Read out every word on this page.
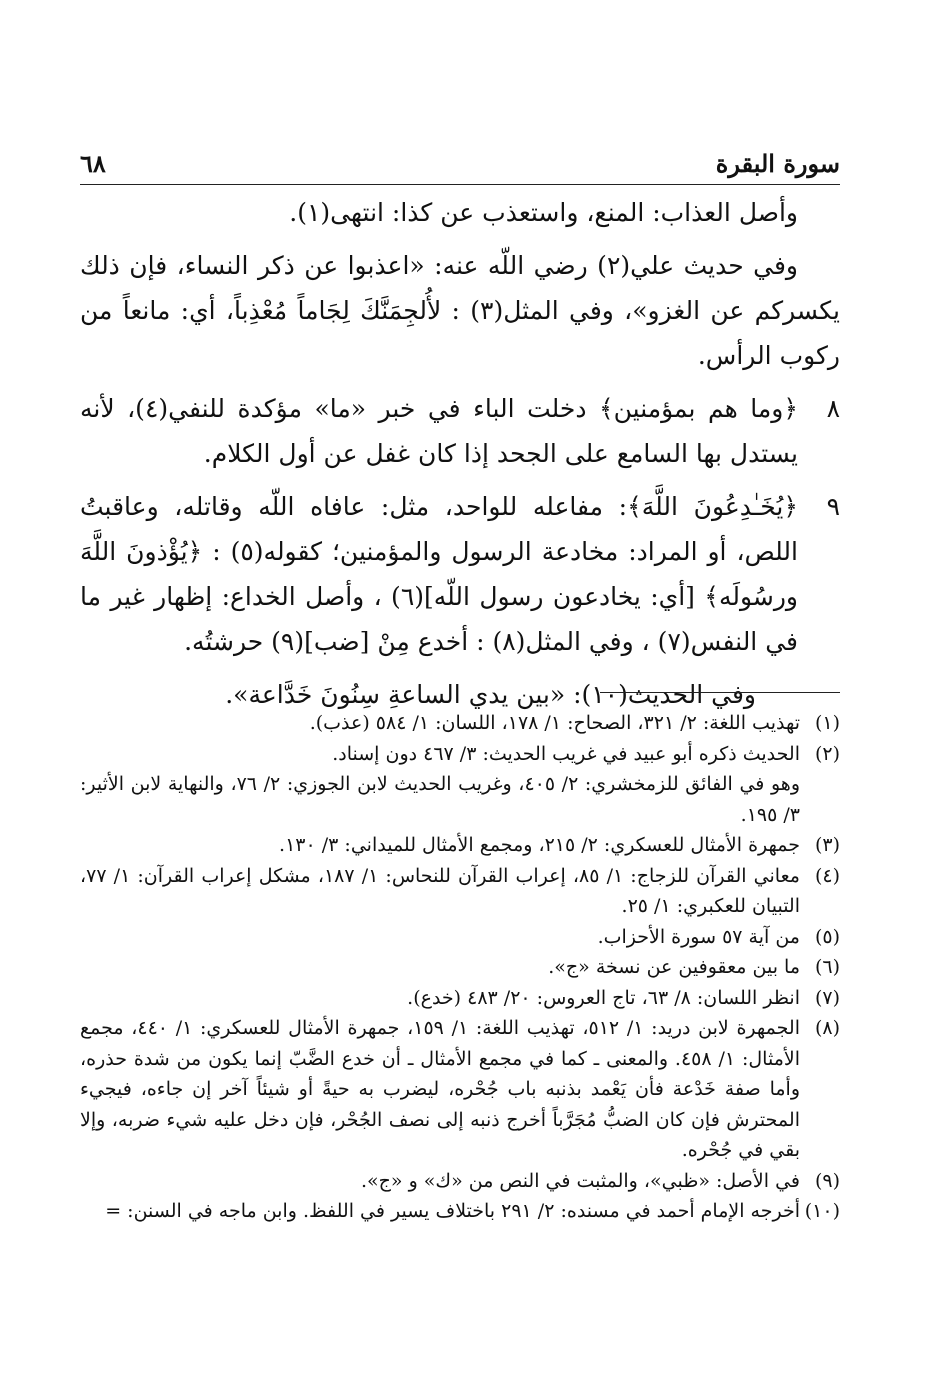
سورة البقرة
٦٨

وأصل العذاب: المنع، واستعذب عن كذا: انتهى(١).

وفي حديث علي(٢) رضي اللّه عنه: «اعذبوا عن ذكر النساء، فإن ذلك يكسركم عن الغزو»، وفي المثل(٣) : لأُلجِمَنَّكَ لِجَاماً مُعْذِباً، أي: مانعاً من ركوب الرأس.

٨
﴿وما هم بمؤمنين﴾ دخلت الباء في خبر «ما» مؤكدة للنفي(٤)، لأنه يستدل بها السامع على الجحد إذا كان غفل عن أول الكلام.
٩
﴿يُخَـٰدِعُونَ اللَّهَ﴾: مفاعله للواحد، مثل: عافاه اللّه وقاتله، وعاقبتُ اللص، أو المراد: مخادعة الرسول والمؤمنين؛ كقوله(٥) : ﴿يُؤْذونَ اللَّهَ ورسُولَه﴾ [أي: يخادعون رسول اللّه](٦) ، وأصل الخداع: إظهار غير ما في النفس(٧) ، وفي المثل(٨) : أخدع مِنْ [ضب](٩) حرشتُه.

وفي الحديث(١٠): «بين يدي الساعةِ سِنُونَ خَدَّاعة».

(١)
تهذيب اللغة: ٢/ ٣٢١، الصحاح: ١/ ١٧٨، اللسان: ١/ ٥٨٤ (عذب).
(٢)
الحديث ذكره أبو عبيد في غريب الحديث: ٣/ ٤٦٧ دون إسناد.
وهو في الفائق للزمخشري: ٢/ ٤٠٥، وغريب الحديث لابن الجوزي: ٢/ ٧٦، والنهاية لابن الأثير: ٣/ ١٩٥.
(٣)
جمهرة الأمثال للعسكري: ٢/ ٢١٥، ومجمع الأمثال للميداني: ٣/ ١٣٠.
(٤)
معاني القرآن للزجاج: ١/ ٨٥، إعراب القرآن للنحاس: ١/ ١٨٧، مشكل إعراب القرآن: ١/ ٧٧، التبيان للعكبري: ١/ ٢٥.
(٥)
من آية ٥٧ سورة الأحزاب.
(٦)
ما بين معقوفين عن نسخة «ج».
(٧)
انظر اللسان: ٨/ ٦٣، تاج العروس: ٢٠/ ٤٨٣ (خدع).
(٨)
الجمهرة لابن دريد: ١/ ٥١٢، تهذيب اللغة: ١/ ١٥٩، جمهرة الأمثال للعسكري: ١/ ٤٤٠، مجمع الأمثال: ١/ ٤٥٨. والمعنى ـ كما في مجمع الأمثال ـ أن خدع الضَّبّ إنما يكون من شدة حذره، وأما صفة خَدْعة فأن يَعْمد بذنبه باب جُحْره، ليضرب به حيةً أو شيئاً آخر إن جاءه، فيجيء المحترش فإن كان الضبُّ مُجَرَّباً أخرج ذنبه إلى نصف الجُحْر، فإن دخل عليه شيء ضربه، وإلا بقي في جُحْره.
(٩)
في الأصل: «ظبي»، والمثبت في النص من «ك» و «ج».
(١٠)
أخرجه الإمام أحمد في مسنده: ٢/ ٢٩١ باختلاف يسير في اللفظ. وابن ماجه في السنن: =
